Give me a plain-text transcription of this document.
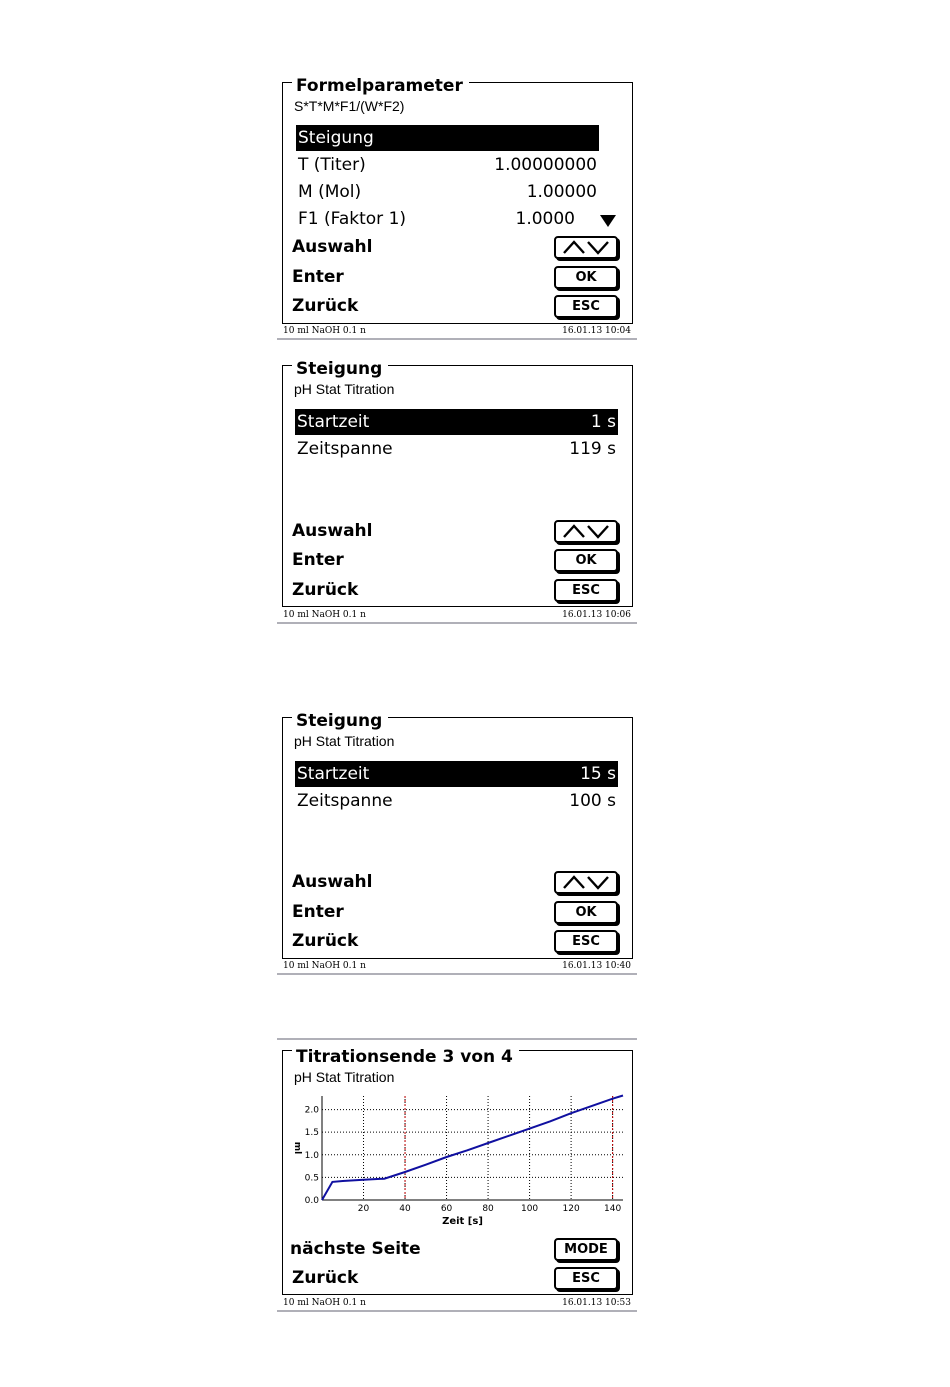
Formelparameter
S*T*M*F1/(W*F2)
Steigung
T (Titer)	1.00000000
M (Mol)	1.00000
F1 (Faktor 1)	1.0000
Auswahl
Enter	OK
Zurück	ESC
10 ml NaOH 0.1 n	16.01.13 10:04
Steigung
pH Stat Titration
Startzeit	1 s
Zeitspanne	119 s
Auswahl
Enter	OK
Zurück	ESC
10 ml NaOH 0.1 n	16.01.13 10:06
Steigung
pH Stat Titration
Startzeit	15 s
Zeitspanne	100 s
Auswahl
Enter	OK
Zurück	ESC
10 ml NaOH 0.1 n	16.01.13 10:40
Titrationsende 3 von 4
pH Stat Titration
20	40	60	80	100	120	140
0.0
0.5
1.0
1.5
2.0
Zeit [s]
ml
nächste Seite	MODE
Zurück	ESC
10 ml NaOH 0.1 n	16.01.13 10:53
